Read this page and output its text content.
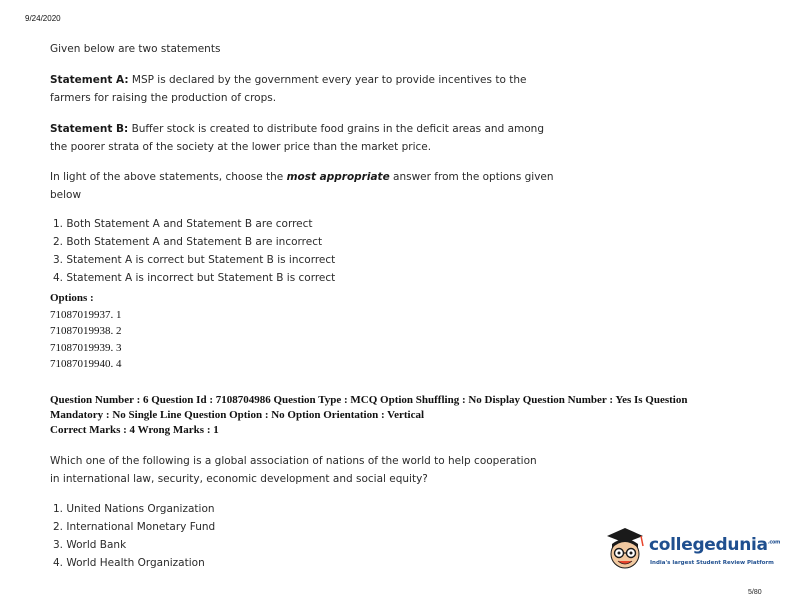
9/24/2020
Given below are two statements
Statement A: MSP is declared by the government every year to provide incentives to the
farmers for raising the production of crops.
Statement B: Buffer stock is created to distribute food grains in the deficit areas and among
the poorer strata of the society at the lower price than the market price.
In light of the above statements, choose the most appropriate answer from the options given
below
1. Both Statement A and Statement B are correct
2. Both Statement A and Statement B are incorrect
3. Statement A is correct but Statement B is incorrect
4. Statement A is incorrect but Statement B is correct
Options :
71087019937. 1
71087019938. 2
71087019939. 3
71087019940. 4
Question Number : 6 Question Id : 7108704986 Question Type : MCQ Option Shuffling : No Display Question Number : Yes Is Question
Mandatory : No Single Line Question Option : No Option Orientation : Vertical
Correct Marks : 4 Wrong Marks : 1
Which one of the following is a global association of nations of the world to help cooperation
in international law, security, economic development and social equity?
1. United Nations Organization
2. International Monetary Fund
3. World Bank
4. World Health Organization
collegedunia$^{.com}$
India's largest Student Review Platform
5/80
